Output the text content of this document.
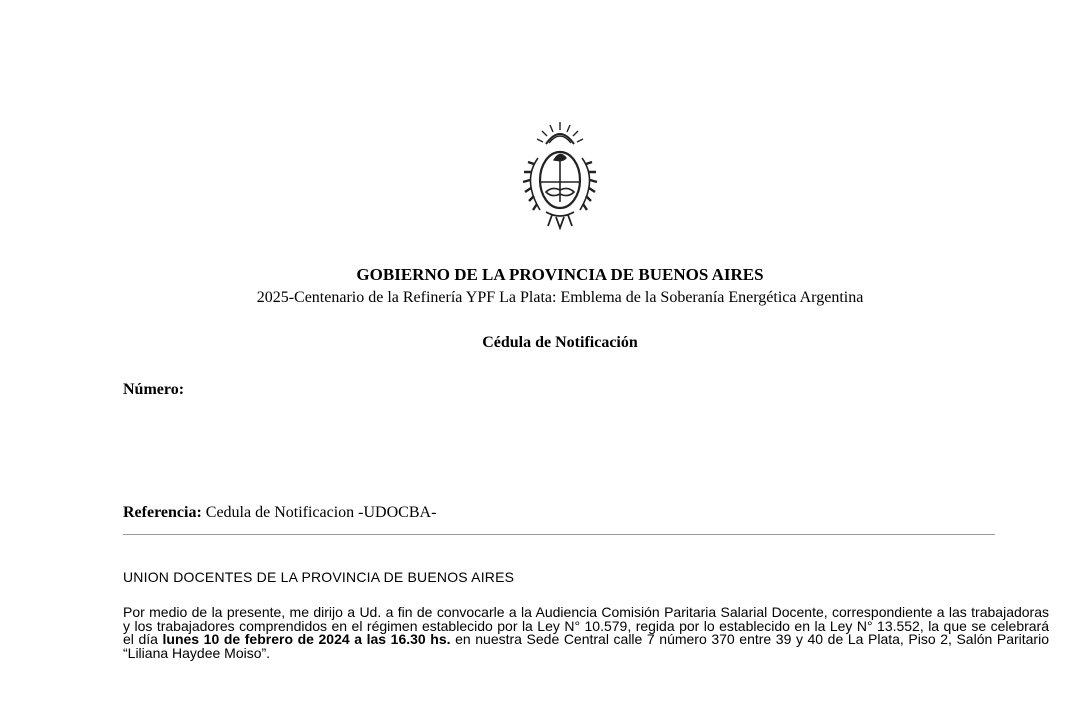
GOBIERNO DE LA PROVINCIA DE BUENOS AIRES
2025-Centenario de la Refinería YPF La Plata: Emblema de la Soberanía Energética Argentina
Cédula de Notificación
Número:
Referencia: Cedula de Notificacion -UDOCBA-
UNION DOCENTES DE LA PROVINCIA DE BUENOS AIRES
Por medio de la presente, me dirijo a Ud. a fin de convocarle a la Audiencia Comisión Paritaria Salarial Docente, correspondiente a las trabajadoras y los trabajadores comprendidos en el régimen establecido por la Ley N° 10.579, regida por lo establecido en la Ley N° 13.552, la que se celebrará el día lunes 10 de febrero de 2024 a las 16.30 hs. en nuestra Sede Central calle 7 número 370 entre 39 y 40 de La Plata, Piso 2, Salón Paritario “Liliana Haydee Moiso”.
